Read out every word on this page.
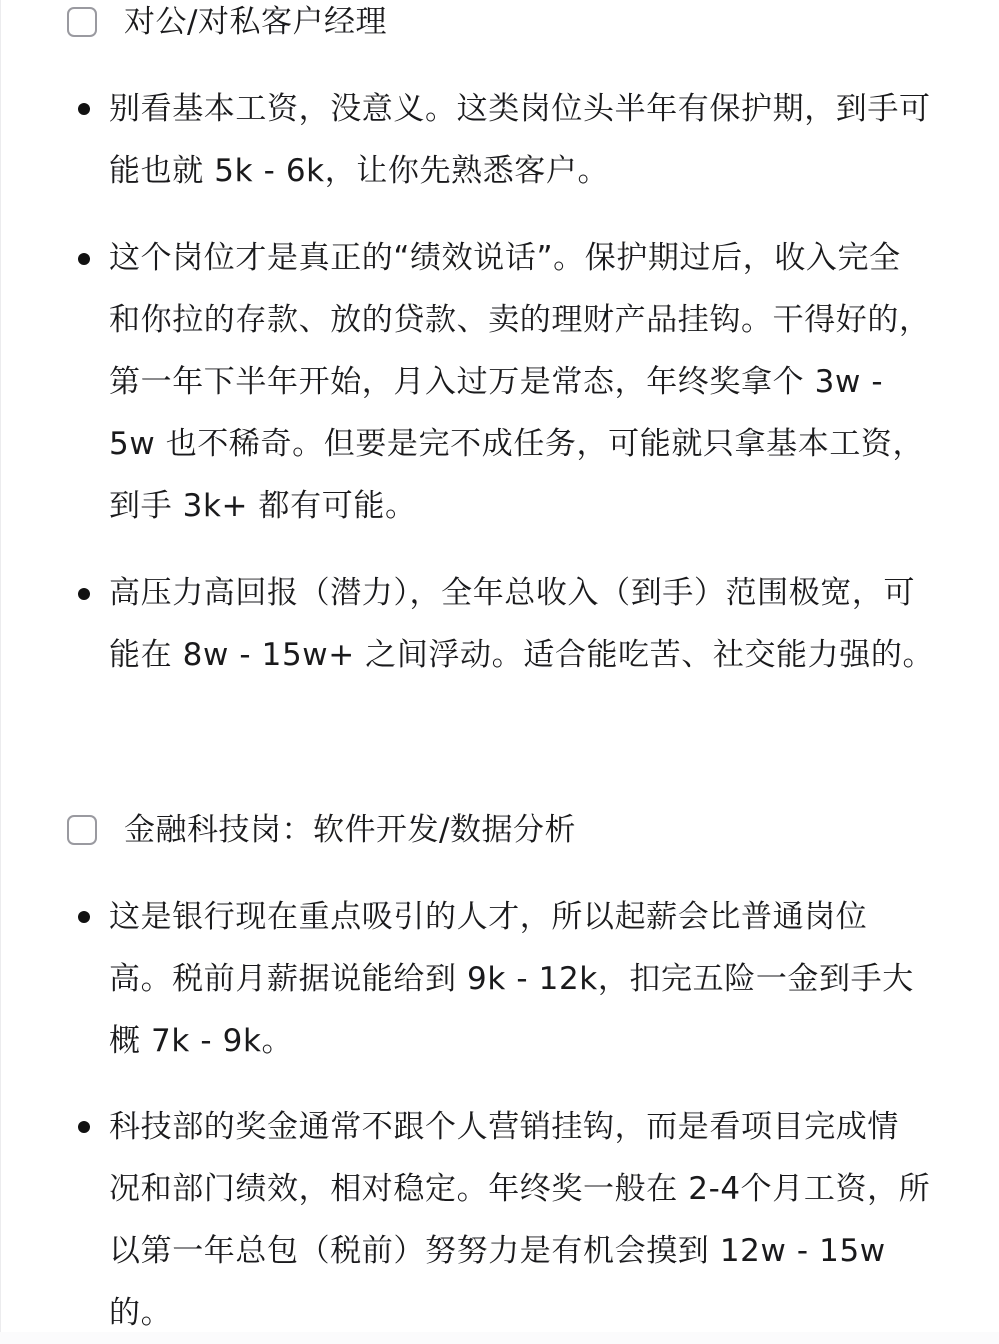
对公/对私客户经理
别看基本工资，没意义。这类岗位头半年有保护期，到手可
能也就 5k - 6k，让你先熟悉客户。
这个岗位才是真正的“绩效说话”。保护期过后，收入完全
和你拉的存款、放的贷款、卖的理财产品挂钩。干得好的，
第一年下半年开始，月入过万是常态，年终奖拿个 3w -
5w 也不稀奇。但要是完不成任务，可能就只拿基本工资，
到手 3k+ 都有可能。
高压力高回报（潜力），全年总收入（到手）范围极宽，可
能在 8w - 15w+ 之间浮动。适合能吃苦、社交能力强的。
金融科技岗：软件开发/数据分析
这是银行现在重点吸引的人才，所以起薪会比普通岗位
高。税前月薪据说能给到 9k - 12k，扣完五险一金到手大
概 7k - 9k。
科技部的奖金通常不跟个人营销挂钩，而是看项目完成情
况和部门绩效，相对稳定。年终奖一般在 2-4个月工资，所
以第一年总包（税前）努努力是有机会摸到 12w - 15w
的。
